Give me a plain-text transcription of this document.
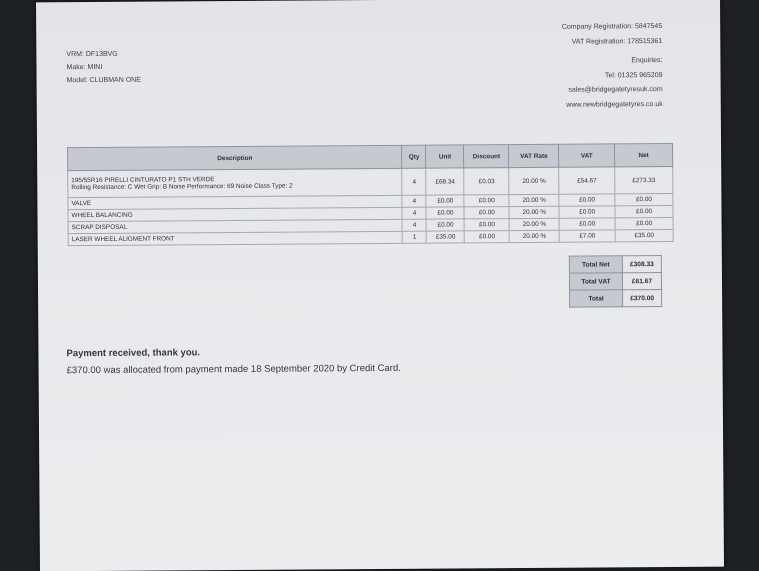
VRM: DF13BVG
Make: MINI
Model: CLUBMAN ONE
Company Registration: 5847545
VAT Registration: 178515361
Enquiries:
Tel: 01325 965209
sales@bridgegatetyresuk.com
www.newbridgegatetyres.co.uk
Description	Qty	Unit	Discount	VAT Rate	VAT	Net

195/55R16 PIRELLI CINTURATO P1 STH VERDE
Rolling Resistance: C Wet Grip: B Noise Performance: 69 Noise Class Type: 2	4	£68.34	£0.03	20.00 %	£54.67	£273.33
VALVE	4	£0.00	£0.00	20.00 %	£0.00	£0.00
WHEEL BALANCING	4	£0.00	£0.00	20.00 %	£0.00	£0.00
SCRAP DISPOSAL	4	£0.00	£0.00	20.00 %	£0.00	£0.00
LASER WHEEL ALIGMENT FRONT	1	£35.00	£0.00	20.00 %	£7.00	£35.00
Total Net	£308.33
Total VAT	£61.67
Total	£370.00
Payment received, thank you.
£370.00 was allocated from payment made 18 September 2020 by Credit Card.
